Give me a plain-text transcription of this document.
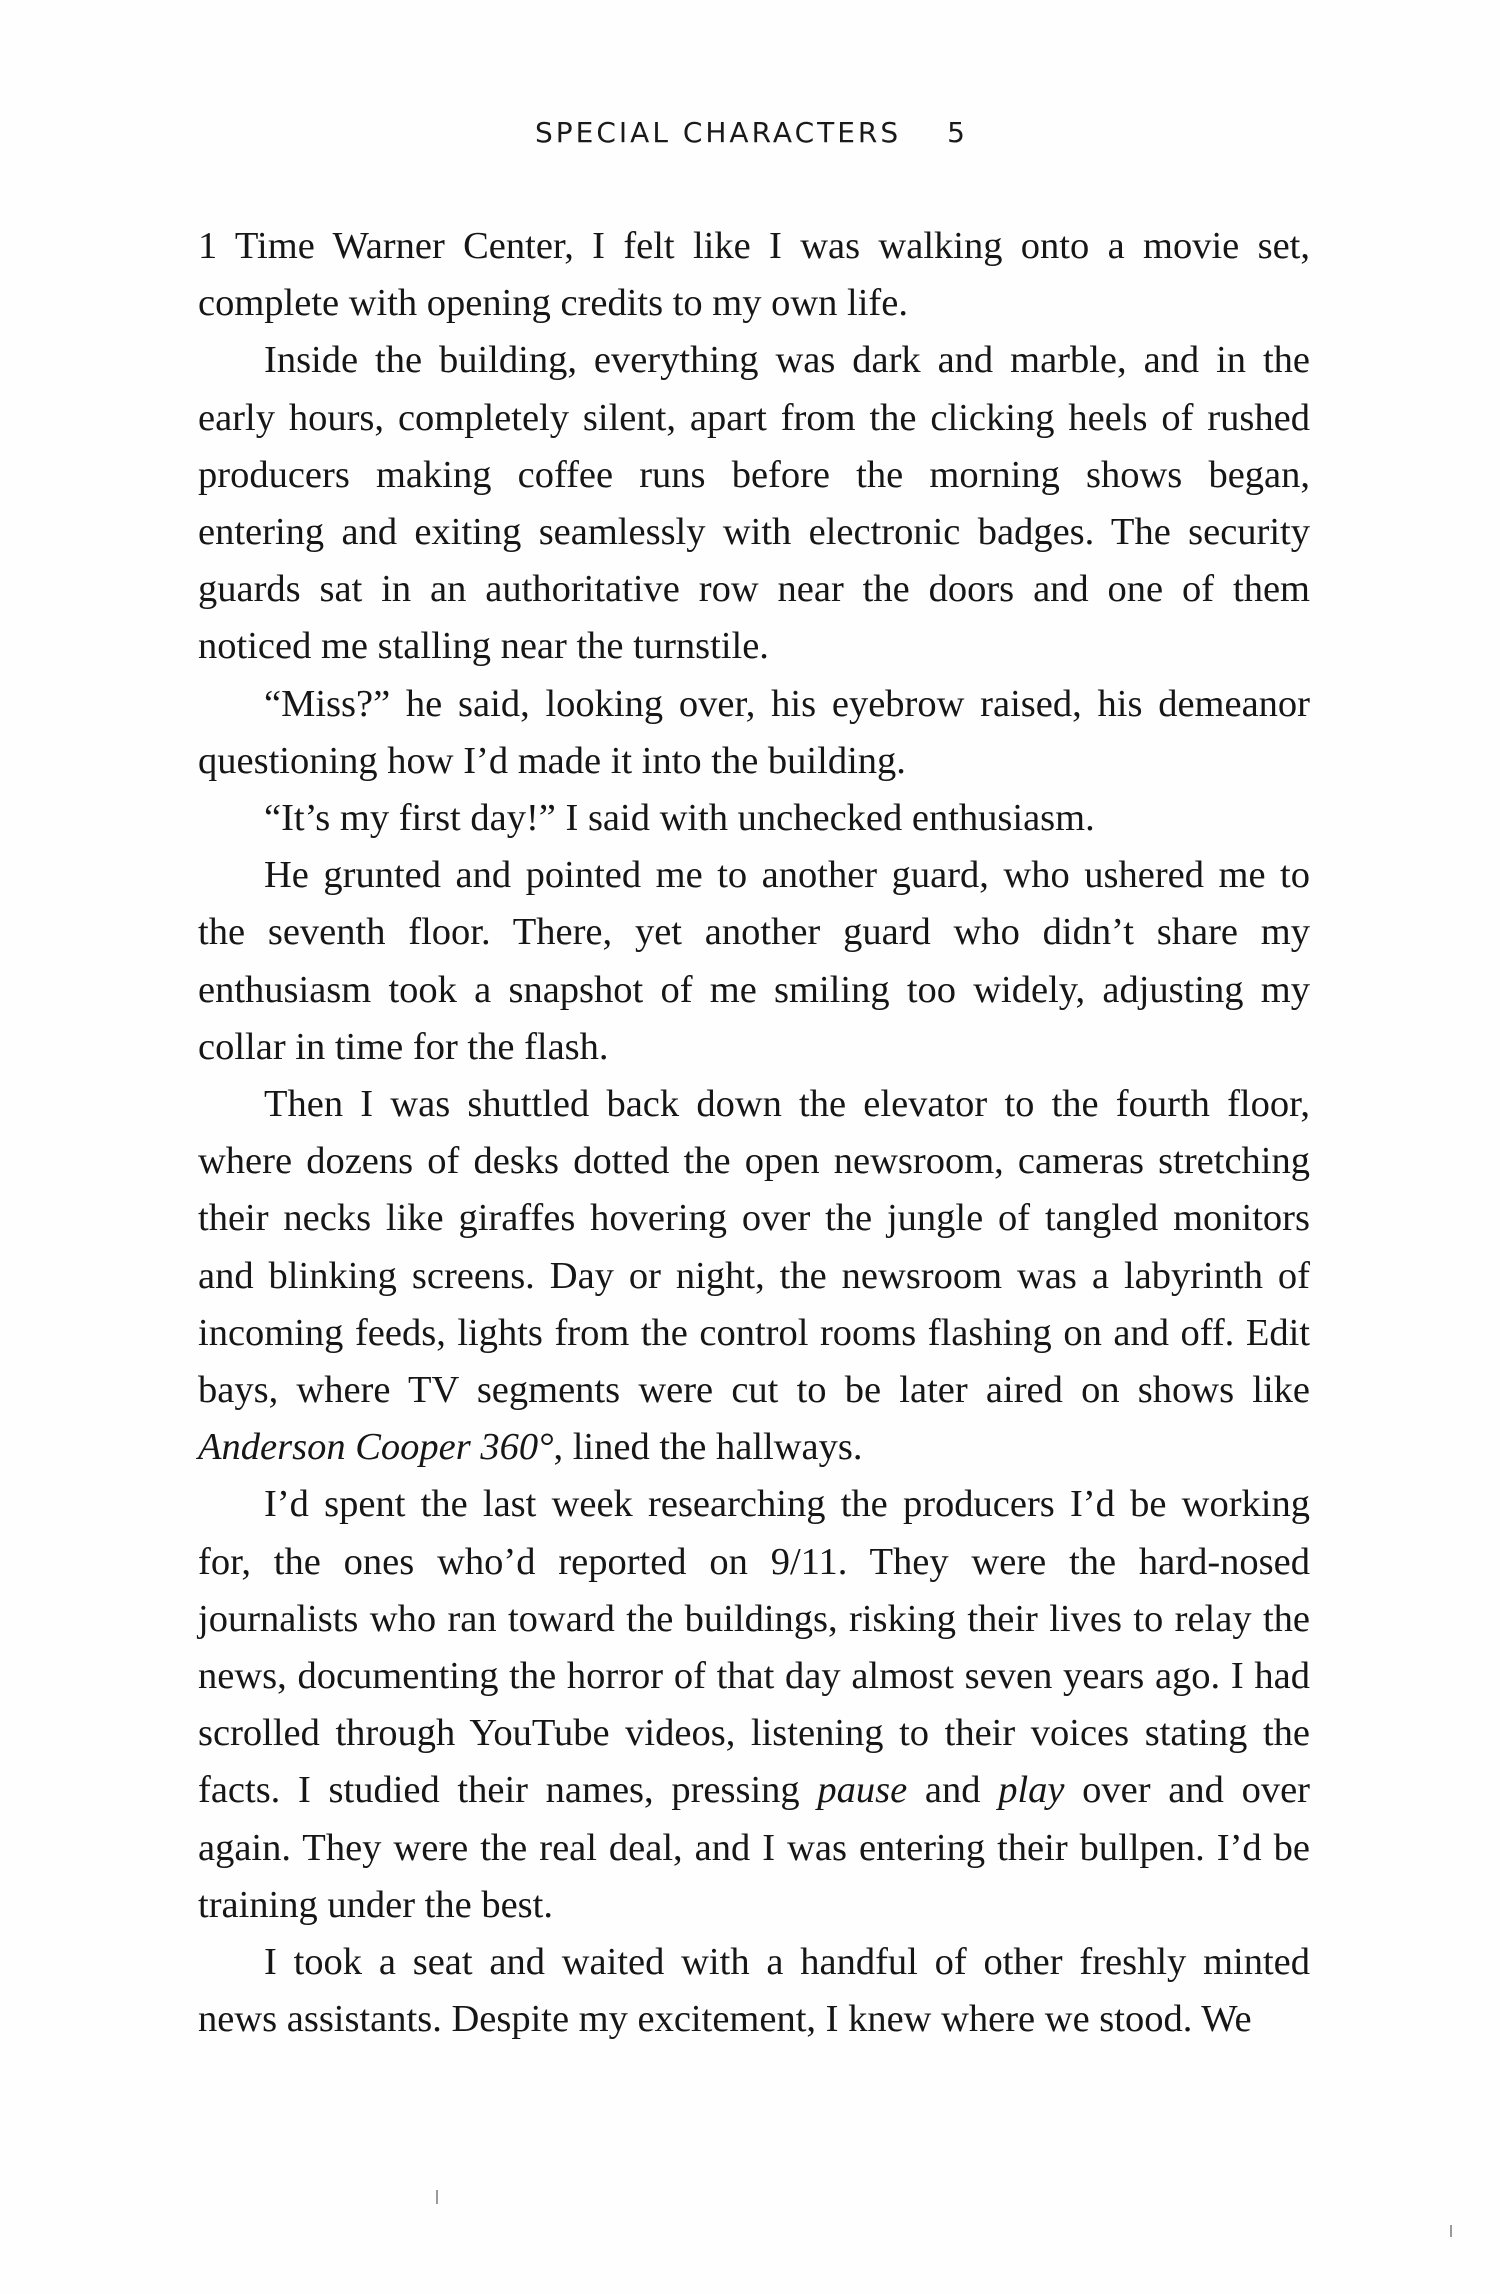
SPECIAL CHARACTERS 5

1 Time Warner Center, I felt like I was walking onto a movie set, complete with opening credits to my own life.

Inside the building, everything was dark and marble, and in the early hours, completely silent, apart from the clicking heels of rushed producers making coffee runs before the morning shows began, entering and exiting seamlessly with electronic badges. The security guards sat in an authoritative row near the doors and one of them noticed me stalling near the turnstile.

“Miss?” he said, looking over, his eyebrow raised, his demeanor questioning how I’d made it into the building.

“It’s my first day!” I said with unchecked enthusiasm.

He grunted and pointed me to another guard, who ushered me to the seventh floor. There, yet another guard who didn’t share my enthusiasm took a snapshot of me smiling too widely, adjusting my collar in time for the flash.

Then I was shuttled back down the elevator to the fourth floor, where dozens of desks dotted the open newsroom, cameras stretching their necks like giraffes hovering over the jungle of tangled monitors and blinking screens. Day or night, the newsroom was a labyrinth of incoming feeds, lights from the control rooms flashing on and off. Edit bays, where TV segments were cut to be later aired on shows like Anderson Cooper 360°, lined the hallways.

I’d spent the last week researching the producers I’d be working for, the ones who’d reported on 9/11. They were the hard-nosed journalists who ran toward the buildings, risking their lives to relay the news, documenting the horror of that day almost seven years ago. I had scrolled through YouTube videos, listening to their voices stating the facts. I studied their names, pressing pause and play over and over again. They were the real deal, and I was entering their bullpen. I’d be training under the best.

I took a seat and waited with a handful of other freshly minted news assistants. Despite my excitement, I knew where we stood. We
